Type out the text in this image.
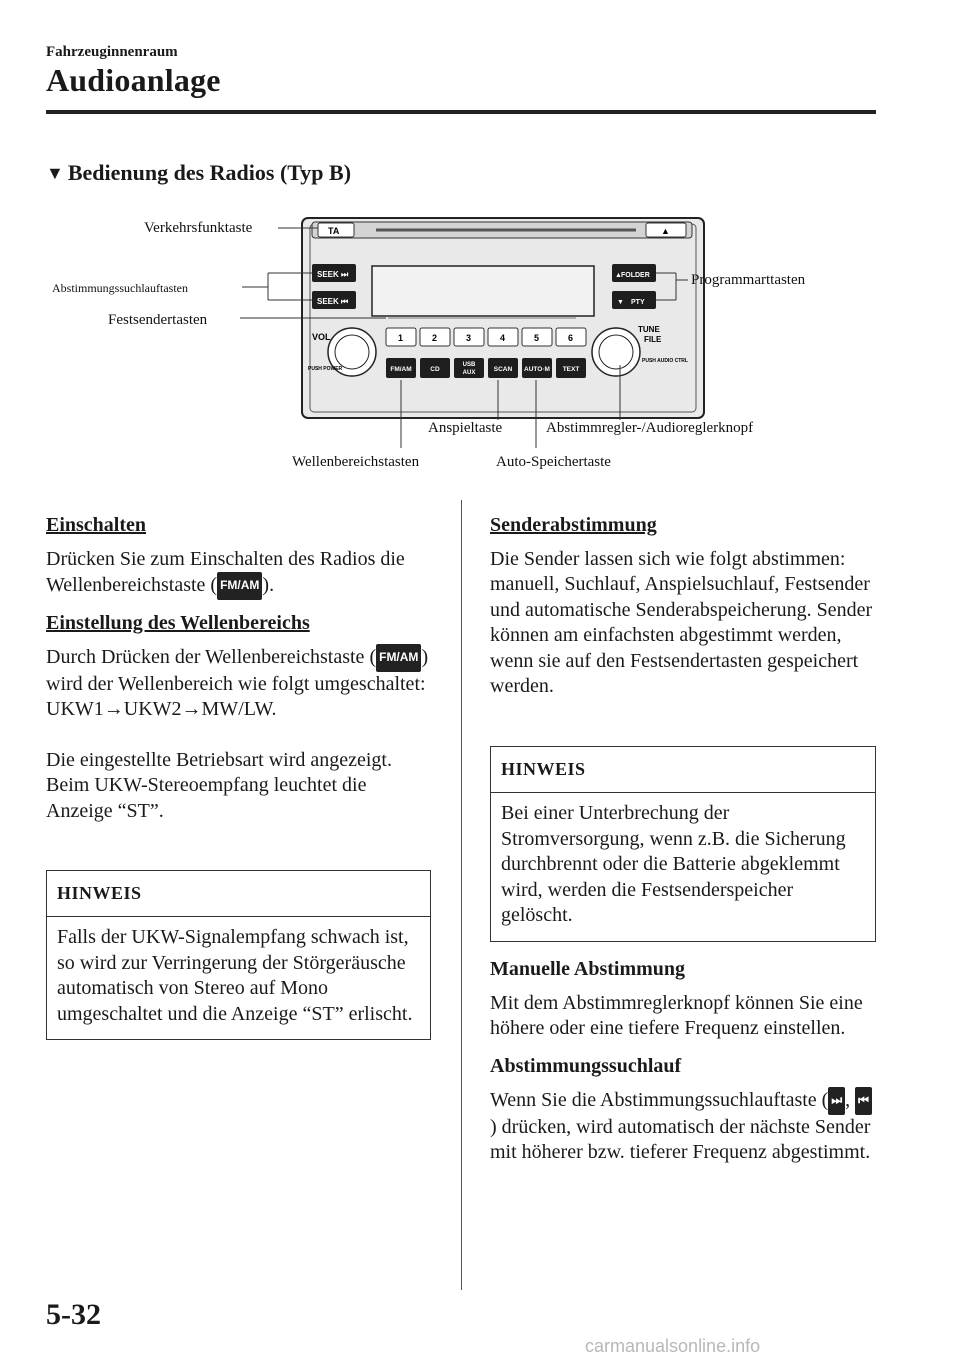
Fahrzeuginnenraum
Audioanlage
▼ Bedienung des Radios (Typ B)
TA	▲
SEEK ⏭
SEEK ⏮
FOLDER
▲
PTY
▼
VOL
PUSH POWER
TUNE
FILE
PUSH AUDIO CTRL
1	2	3	4	5	6
FM/AM	CD
USB
AUX	SCAN AUTO·M TEXT
Verkehrsfunktaste
Abstimmungssuchlauftasten
Festsendertasten
Programmarttasten
Anspieltaste	Abstimmregler-/Audioreglerknopf
Wellenbereichstasten	Auto-Speichertaste

Einschalten

Drücken Sie zum Einschalten des Radios die Wellenbereichstaste ( FM/AM ).

Einstellung des Wellenbereichs

Durch Drücken der Wellenbereichstaste ( FM/AM ) wird der Wellenbereich wie folgt umgeschaltet: UKW1→UKW2→MW/LW.

Die eingestellte Betriebsart wird angezeigt. Beim UKW-Stereoempfang leuchtet die Anzeige “ST”.

HINWEIS
Falls der UKW-Signalempfang schwach ist, so wird zur Verringerung der Störgeräusche automatisch von Stereo auf Mono umgeschaltet und die Anzeige “ST” erlischt.

Senderabstimmung

Die Sender lassen sich wie folgt abstimmen: manuell, Suchlauf, Anspielsuchlauf, Festsender und automatische Senderabspeicherung. Sender können am einfachsten abgestimmt werden, wenn sie auf den Festsendertasten gespeichert werden.

HINWEIS
Bei einer Unterbrechung der Stromversorgung, wenn z.B. die Sicherung durchbrennt oder die Batterie abgeklemmt wird, werden die Festsenderspeicher gelöscht.

Manuelle Abstimmung

Mit dem Abstimmreglerknopf können Sie eine höhere oder eine tiefere Frequenz einstellen.

Abstimmungssuchlauf

Wenn Sie die Abstimmungssuchlauftaste ( ⏭ , ⏮) drücken, wird automatisch der nächste Sender mit höherer bzw. tieferer Frequenz abgestimmt.

5-32
carmanualsonline.info
